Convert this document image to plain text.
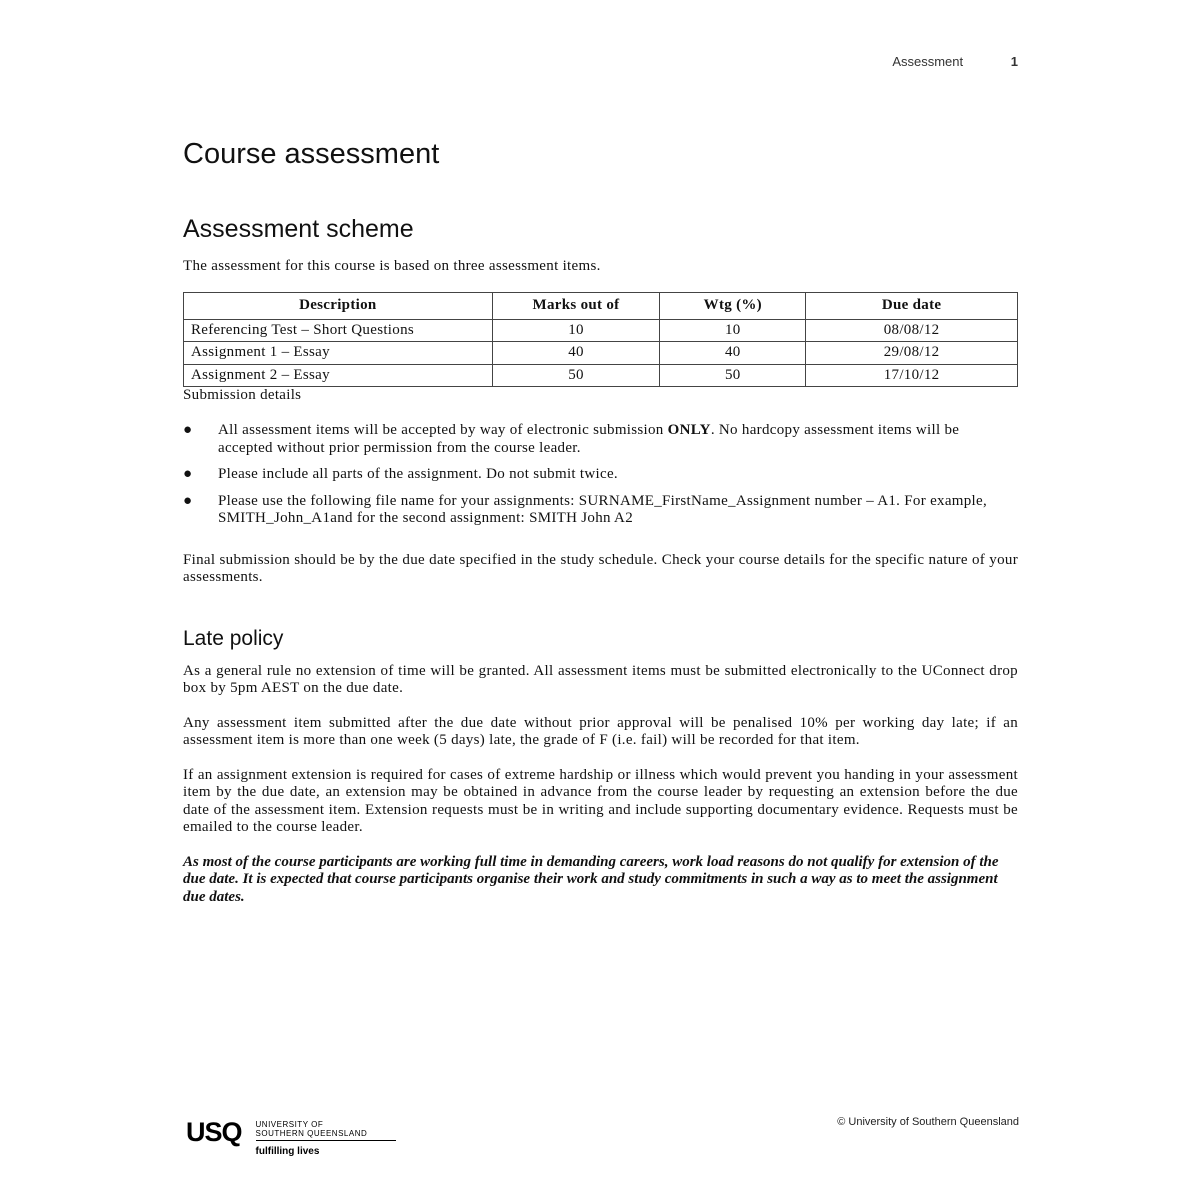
Assessment	1
Course assessment
Assessment scheme

The assessment for this course is based on three assessment items.

Description	Marks out of	Wtg (%)	Due date
Referencing Test – Short Questions	10	10	08/08/12
Assignment 1 – Essay	40	40	29/08/12
Assignment 2 – Essay	50	50	17/10/12
Submission details
● All assessment items will be accepted by way of electronic submission ONLY. No hardcopy assessment items will be accepted without prior permission from the course leader.
● Please include all parts of the assignment. Do not submit twice.
● Please use the following file name for your assignments: SURNAME_FirstName_Assignment number – A1. For example, SMITH_John_A1and for the second assignment: SMITH John A2

Final submission should be by the due date specified in the study schedule. Check your course details for the specific nature of your assessments.

Late policy

As a general rule no extension of time will be granted. All assessment items must be submitted electronically to the UConnect drop box by 5pm AEST on the due date.

Any assessment item submitted after the due date without prior approval will be penalised 10% per working day late; if an assessment item is more than one week (5 days) late, the grade of F (i.e. fail) will be recorded for that item.

If an assignment extension is required for cases of extreme hardship or illness which would prevent you handing in your assessment item by the due date, an extension may be obtained in advance from the course leader by requesting an extension before the due date of the assessment item. Extension requests must be in writing and include supporting documentary evidence. Requests must be emailed to the course leader.

As most of the course participants are working full time in demanding careers, work load reasons do not qualify for extension of the due date. It is expected that course participants organise their work and study commitments in such a way as to meet the assignment due dates.

USQ UNIVERSITY OF
SOUTHERN QUEENSLAND
fulfilling lives
© University of Southern Queensland
